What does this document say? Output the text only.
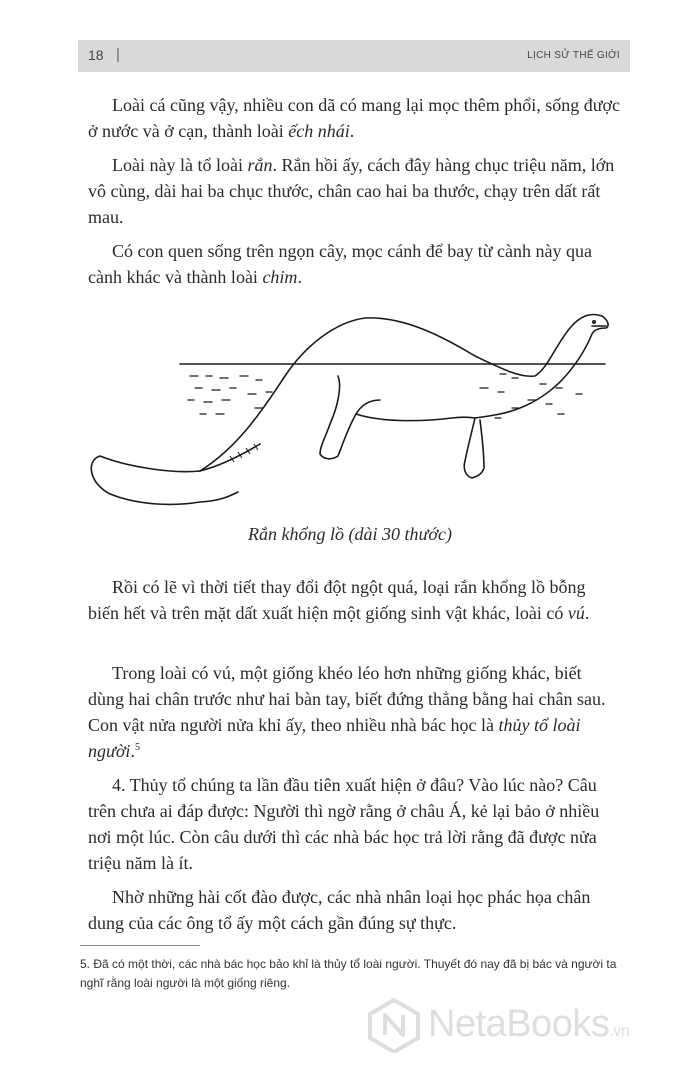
18 |	LỊCH SỬ THẾ GIỚI

Loài cá cũng vậy, nhiều con dã có mang lại mọc thêm phổi, sống được ở nước và ở cạn, thành loài ếch nhái.

Loài này là tổ loài rắn. Rắn hồi ấy, cách đây hàng chục triệu năm, lớn vô cùng, dài hai ba chục thước, chân cao hai ba thước, chạy trên dất rất mau.

Có con quen sống trên ngọn cây, mọc cánh để bay từ cành này qua cành khác và thành loài chim.

Rắn khổng lồ (dài 30 thước)

Rồi có lẽ vì thời tiết thay đổi đột ngột quá, loại rắn khổng lồ bỗng biến hết và trên mặt dất xuất hiện một giống sinh vật khác, loài có vú.

Trong loài có vú, một giống khéo léo hơn những giống khác, biết dùng hai chân trước như hai bàn tay, biết đứng thẳng bằng hai chân sau. Con vật nửa người nửa khỉ ấy, theo nhiều nhà bác học là thủy tổ loài người.$^5$

4. Thủy tổ chúng ta lần đầu tiên xuất hiện ở đâu? Vào lúc nào? Câu trên chưa ai đáp được: Người thì ngờ rằng ở châu Á, kẻ lại bảo ở nhiều nơi một lúc. Còn câu dưới thì các nhà bác học trả lời rằng đã được nửa triệu năm là ít.

Nhờ những hài cốt đào được, các nhà nhân loại học phác họa chân dung của các ông tổ ấy một cách gần đúng sự thực.

5. Đã có một thời, các nhà bác học bảo khỉ là thủy tổ loài người. Thuyết đó nay đã bị bác và người ta nghĩ rằng loài người là một giống riêng.

NetaBooks.vn
